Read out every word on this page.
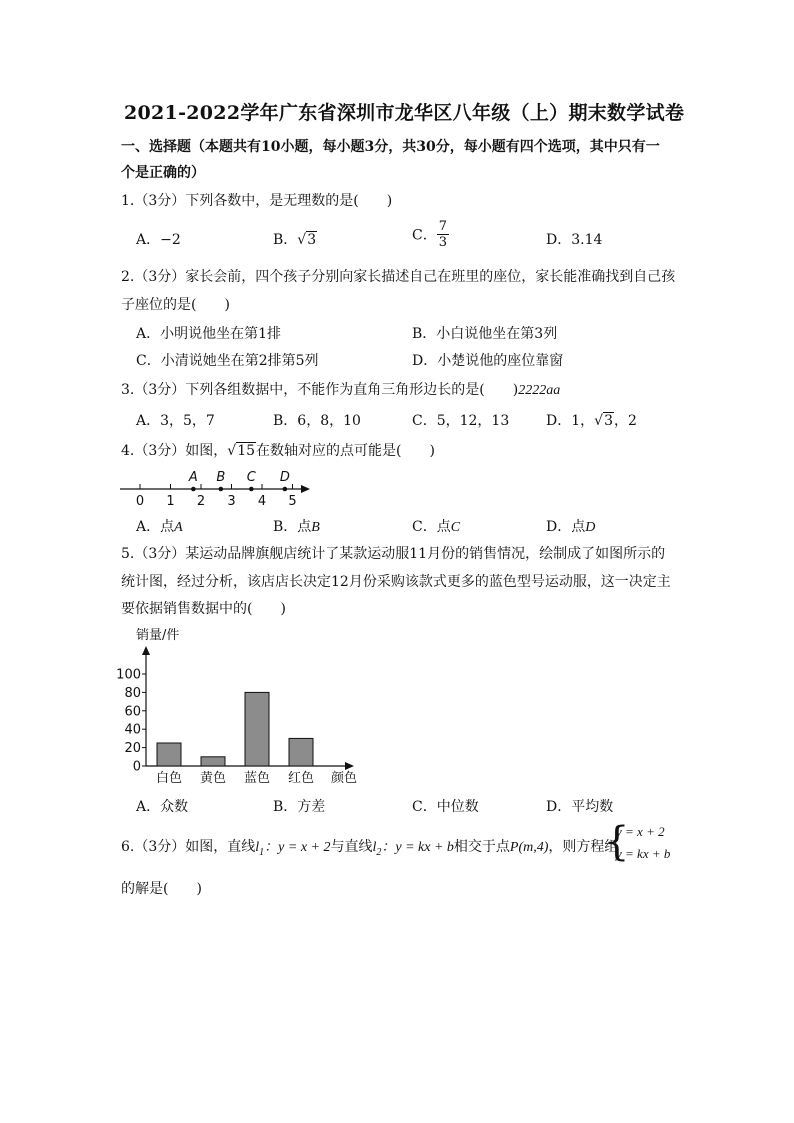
2021-2022学年广东省深圳市龙华区八年级（上）期末数学试卷
一、选择题（本题共有10小题，每小题3分，共30分，每小题有四个选项，其中只有一
个是正确的）
1.（3分）下列各数中，是无理数的是(　　)
A．−2	B．√3	C． $\frac{7}{3}$	D．3.14
2.（3分）家长会前，四个孩子分别向家长描述自己在班里的座位，家长能准确找到自己孩
子座位的是(　　)
A．小明说他坐在第1排	B．小白说他坐在第3列
C．小清说她坐在第2排第5列	D．小楚说他的座位靠窗
3.（3分）下列各组数据中，不能作为直角三角形边长的是(　　)2222aa
A．3，5，7	B．6，8，10	C．5，12，13	D．1，√3，2
4.（3分）如图，√15在数轴对应的点可能是(　　)
0 1 2 3 4 5
A B C D
A．点A	B．点B	C．点C	D．点D
5.（3分）某运动品牌旗舰店统计了某款运动服11月份的销售情况，绘制成了如图所示的
统计图，经过分析，该店店长决定12月份采购该款式更多的蓝色型号运动服，这一决定主
要依据销售数据中的(　　)
销量/件
0
20
40
60
80
100
白色 黄色 蓝色 红色 颜色
A．众数	B．方差	C．中位数	D．平均数
6.（3分）如图，直线$l_1$：y = x + 2与直线$l_2$：y = kx + b相交于点P(m,4)，则方程组
{
y = x + 2
y = kx + b
的解是(　　)
